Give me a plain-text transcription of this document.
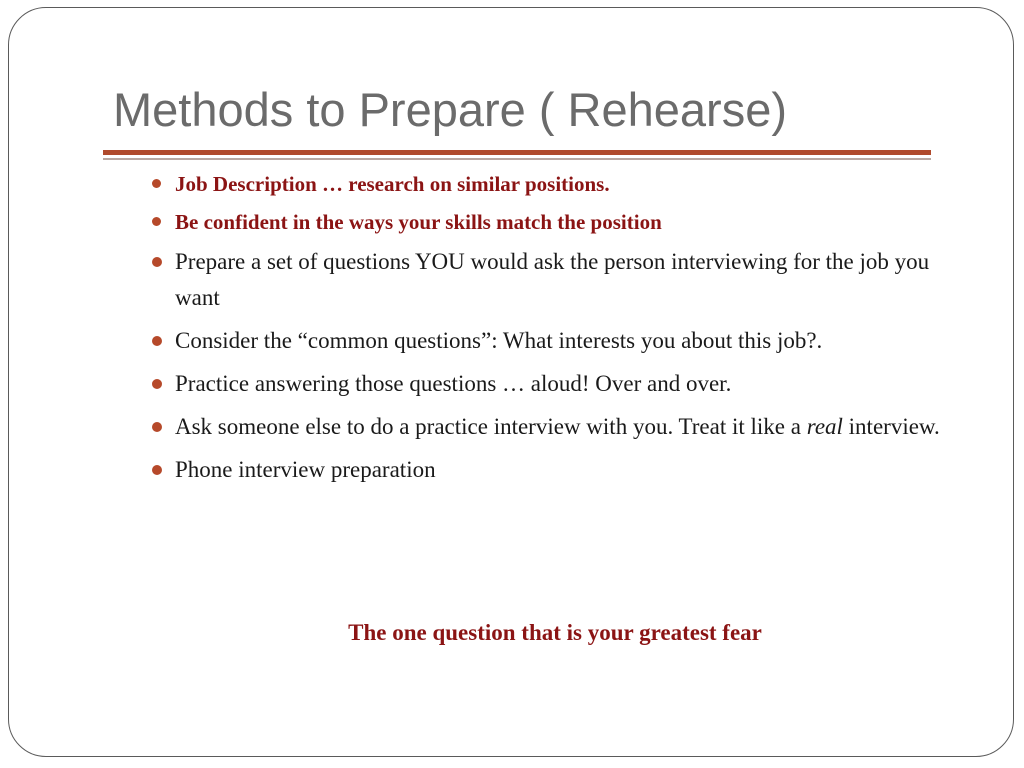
Methods to Prepare ( Rehearse)
Job Description … research on similar positions.
Be confident in the ways your skills match the position
Prepare a set of questions YOU would ask the person interviewing for the job you want
Consider the “common questions”: What interests you about this job?.
Practice answering those questions … aloud! Over and over.
Ask someone else to do a practice interview with you. Treat it like a real interview.
Phone interview preparation
The one question that is your greatest fear
